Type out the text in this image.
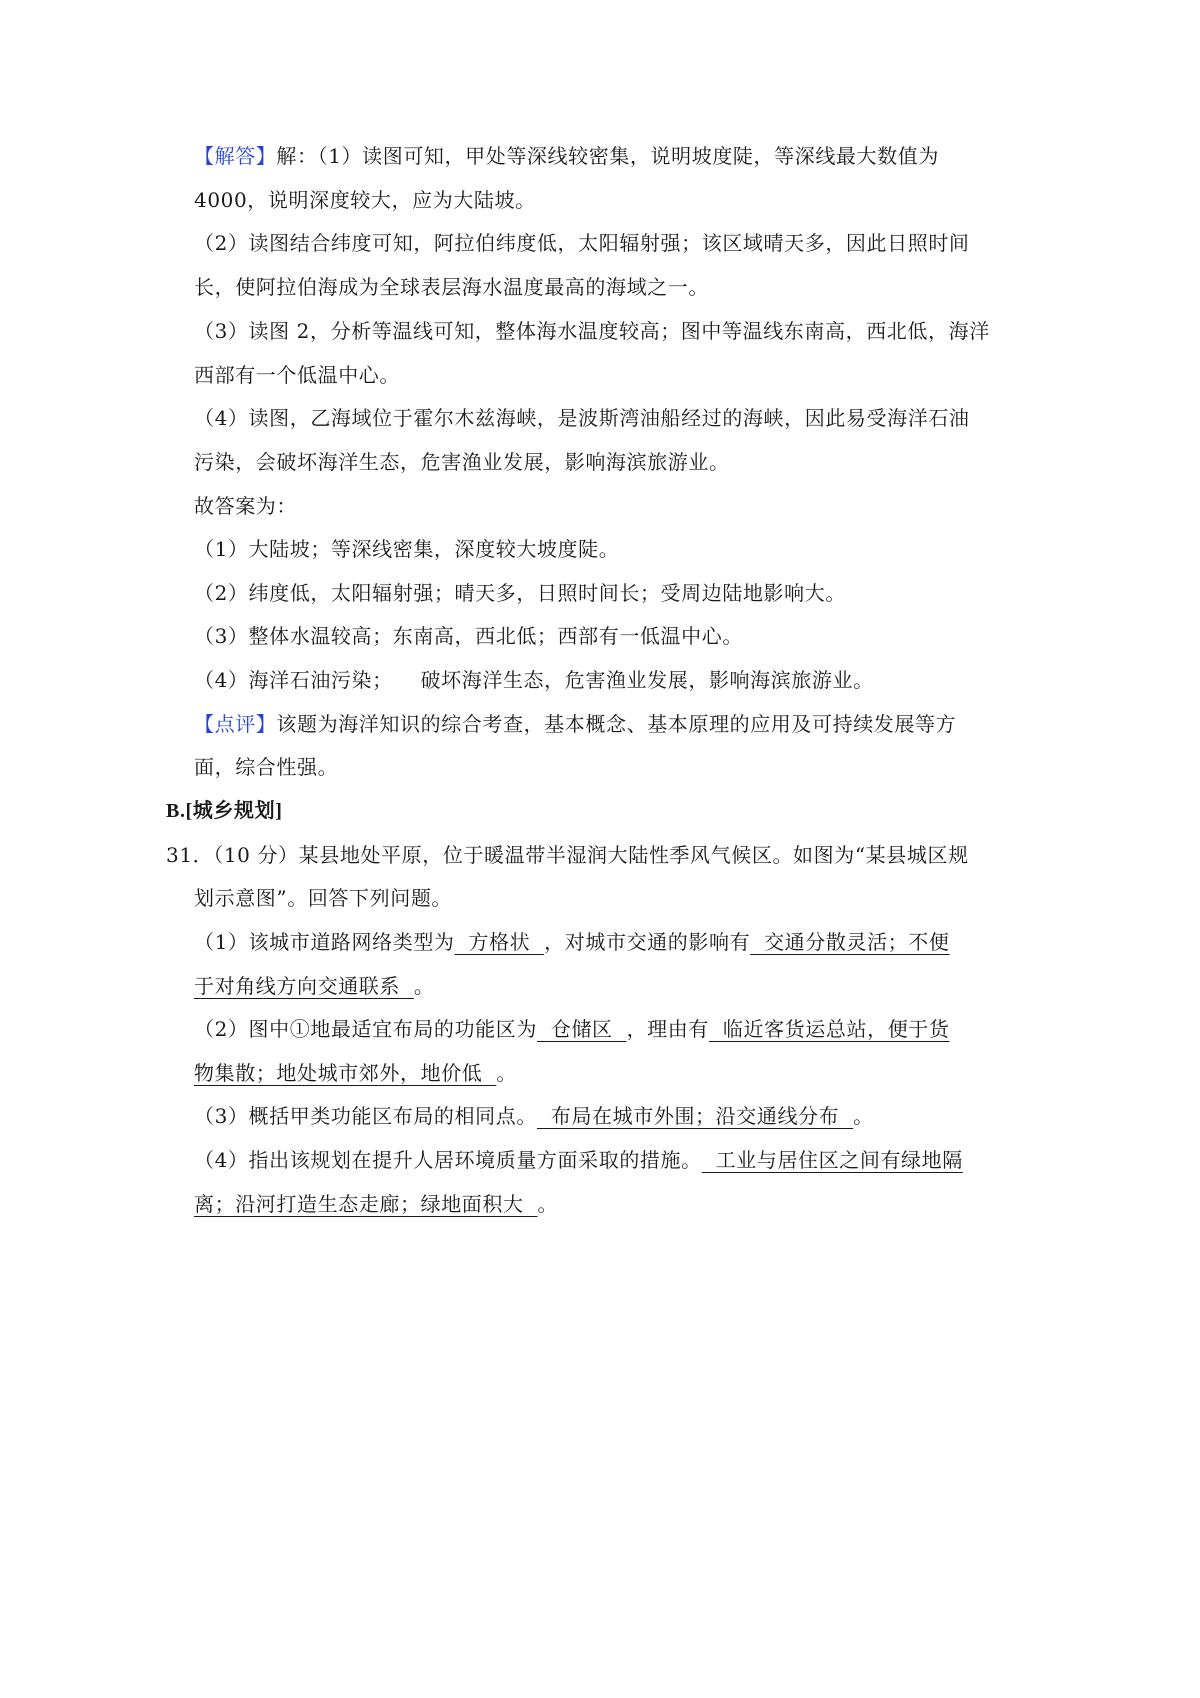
【解答】解：（1）读图可知，甲处等深线较密集，说明坡度陡，等深线最大数值为
4000，说明深度较大，应为大陆坡。
（2）读图结合纬度可知，阿拉伯纬度低，太阳辐射强；该区域晴天多，因此日照时间
长，使阿拉伯海成为全球表层海水温度最高的海域之一。
（3）读图 2，分析等温线可知，整体海水温度较高；图中等温线东南高，西北低，海洋
西部有一个低温中心。
（4）读图，乙海域位于霍尔木兹海峡，是波斯湾油船经过的海峡，因此易受海洋石油
污染，会破坏海洋生态，危害渔业发展，影响海滨旅游业。
故答案为：
（1）大陆坡；等深线密集，深度较大坡度陡。
（2）纬度低，太阳辐射强；晴天多，日照时间长；受周边陆地影响大。
（3）整体水温较高；东南高，西北低；西部有一低温中心。
（4）海洋石油污染；    破坏海洋生态，危害渔业发展，影响海滨旅游业。
【点评】该题为海洋知识的综合考查，基本概念、基本原理的应用及可持续发展等方
面，综合性强。
B.[城乡规划]
31．（10 分）某县地处平原，位于暖温带半湿润大陆性季风气候区。如图为“某县城区规
划示意图”。回答下列问题。
（1）该城市道路网络类型为  方格状  ，对城市交通的影响有  交通分散灵活；不便
于对角线方向交通联系  。
（2）图中①地最适宜布局的功能区为  仓储区  ，理由有  临近客货运总站，便于货
物集散；地处城市郊外，地价低  。
（3）概括甲类功能区布局的相同点。  布局在城市外围；沿交通线分布  。
（4）指出该规划在提升人居环境质量方面采取的措施。  工业与居住区之间有绿地隔
离；沿河打造生态走廊；绿地面积大  。
